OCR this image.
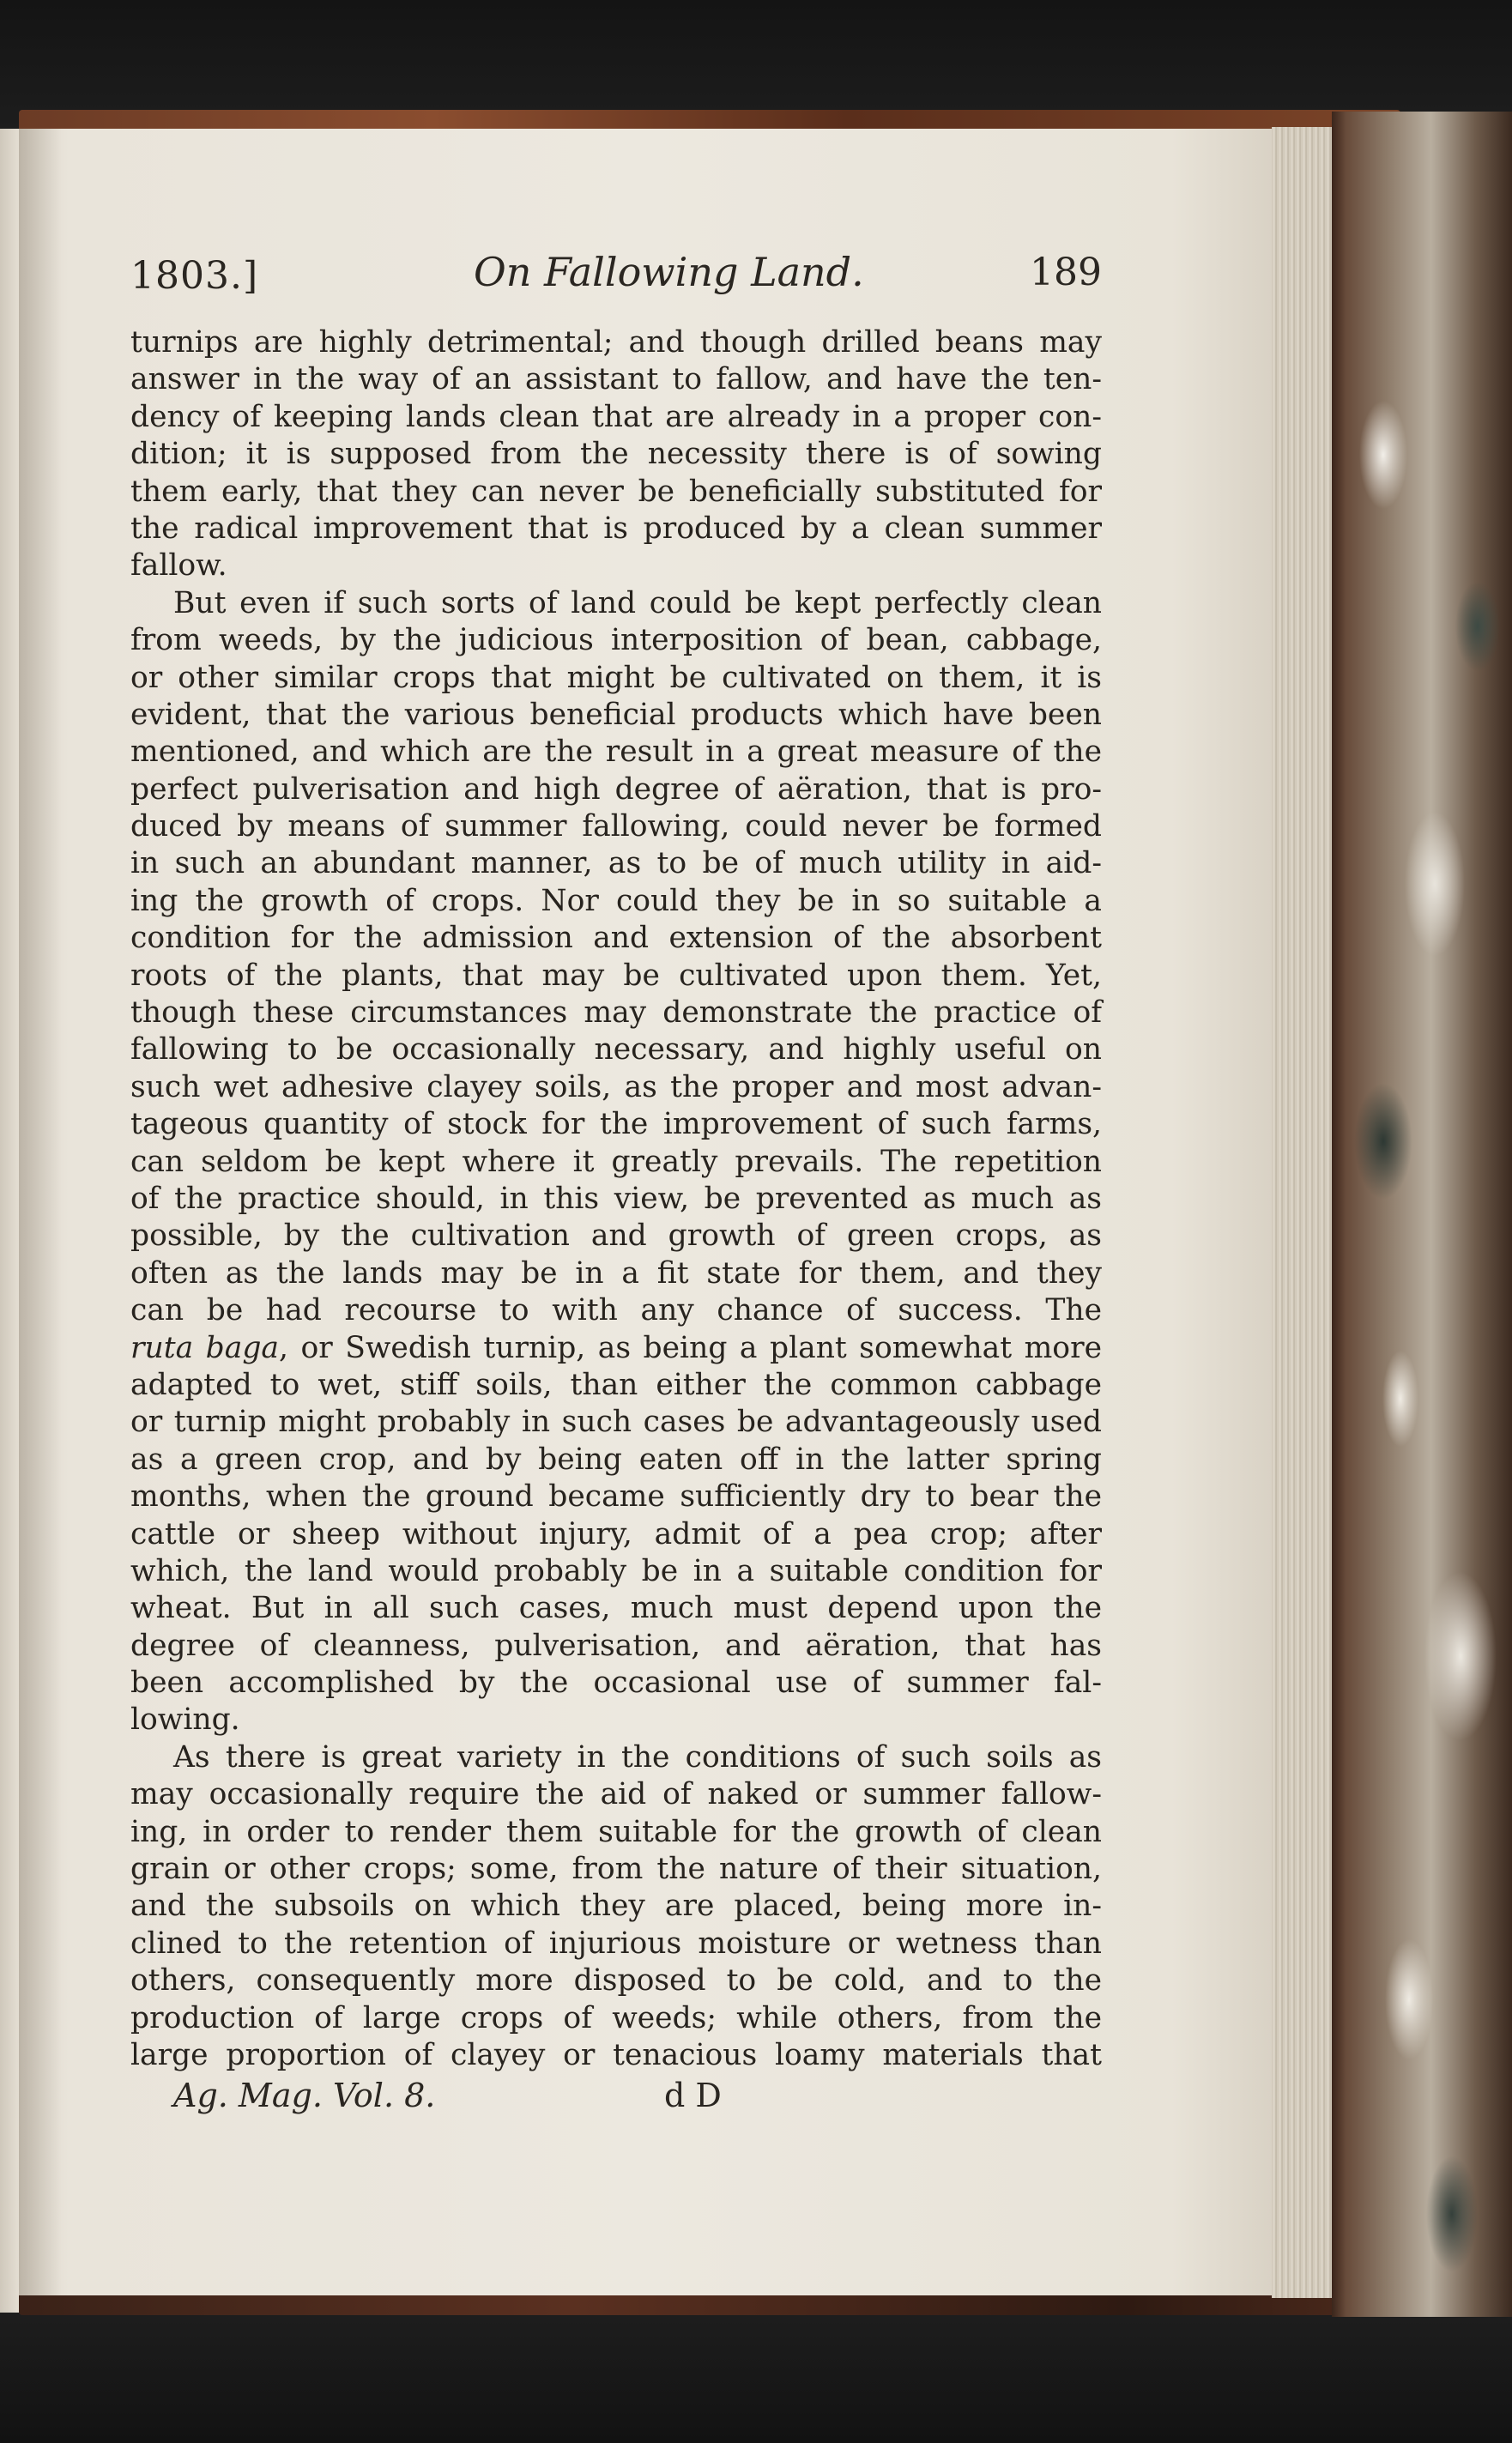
1803.]	On Fallowing Land.	189
turnips are highly detrimental; and though drilled beans may
answer in the way of an assistant to fallow, and have the ten-
dency of keeping lands clean that are already in a proper con-
dition; it is supposed from the necessity there is of sowing
them early, that they can never be beneficially substituted for
the radical improvement that is produced by a clean summer
fallow.
But even if such sorts of land could be kept perfectly clean
from weeds, by the judicious interposition of bean, cabbage,
or other similar crops that might be cultivated on them, it is
evident, that the various beneficial products which have been
mentioned, and which are the result in a great measure of the
perfect pulverisation and high degree of aëration, that is pro-
duced by means of summer fallowing, could never be formed
in such an abundant manner, as to be of much utility in aid-
ing the growth of crops. Nor could they be in so suitable a
condition for the admission and extension of the absorbent
roots of the plants, that may be cultivated upon them. Yet,
though these circumstances may demonstrate the practice of
fallowing to be occasionally necessary, and highly useful on
such wet adhesive clayey soils, as the proper and most advan-
tageous quantity of stock for the improvement of such farms,
can seldom be kept where it greatly prevails. The repetition
of the practice should, in this view, be prevented as much as
possible, by the cultivation and growth of green crops, as
often as the lands may be in a fit state for them, and they
can be had recourse to with any chance of success. The
ruta baga, or Swedish turnip, as being a plant somewhat more
adapted to wet, stiff soils, than either the common cabbage
or turnip might probably in such cases be advantageously used
as a green crop, and by being eaten off in the latter spring
months, when the ground became sufficiently dry to bear the
cattle or sheep without injury, admit of a pea crop; after
which, the land would probably be in a suitable condition for
wheat. But in all such cases, much must depend upon the
degree of cleanness, pulverisation, and aëration, that has
been accomplished by the occasional use of summer fal-
lowing.
As there is great variety in the conditions of such soils as
may occasionally require the aid of naked or summer fallow-
ing, in order to render them suitable for the growth of clean
grain or other crops; some, from the nature of their situation,
and the subsoils on which they are placed, being more in-
clined to the retention of injurious moisture or wetness than
others, consequently more disposed to be cold, and to the
production of large crops of weeds; while others, from the
large proportion of clayey or tenacious loamy materials that
Ag. Mag. Vol. 8.	d D
